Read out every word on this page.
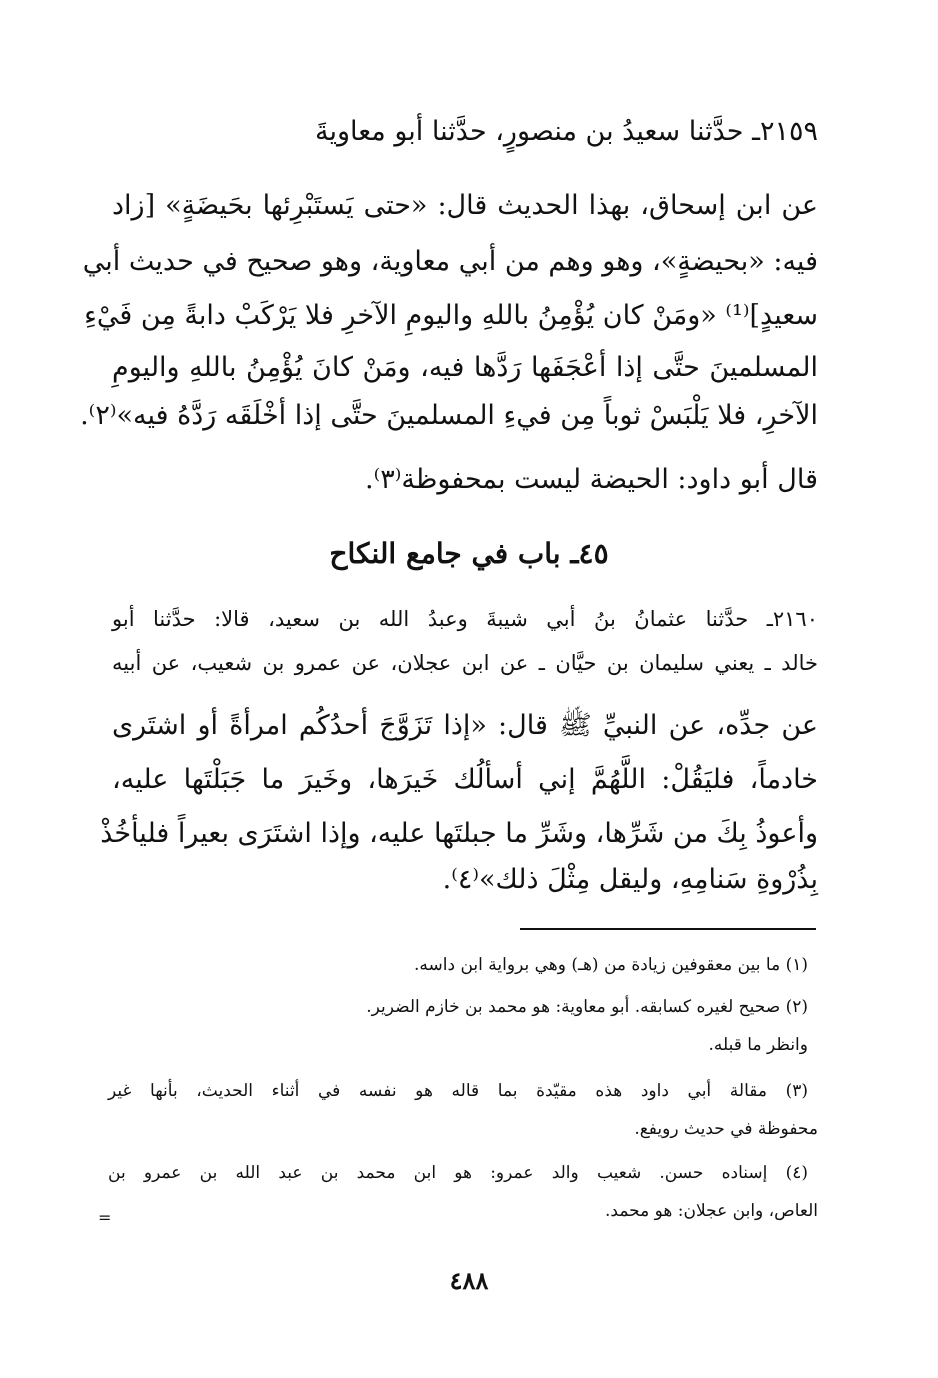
٢١٥٩ـ حدَّثنا سعيدُ بن منصورٍ، حدَّثنا أبو معاويةَ
عن ابن إسحاق، بهذا الحديث قال: «حتى يَستَبْرِئها بحَيضَةٍ» [زاد
فيه: «بحيضةٍ»، وهو وهم من أبي معاوية، وهو صحيح في حديث أبي
سعيدٍ]⁽¹⁾ «ومَنْ كان يُؤْمِنُ باللهِ واليومِ الآخرِ فلا يَرْكَبْ دابةً مِن فَيْءِ
المسلمينَ حتَّى إذا أعْجَفَها رَدَّها فيه، ومَنْ كانَ يُؤْمِنُ باللهِ واليومِ
الآخرِ، فلا يَلْبَسْ ثوباً مِن فيءِ المسلمينَ حتَّى إذا أخْلَقَه رَدَّهُ فيه»⁽٢⁾.
قال أبو داود: الحيضة ليست بمحفوظة⁽٣⁾.
٤٥ـ باب في جامع النكاح
٢١٦٠ـ حدَّثنا عثمانُ بنُ أبي شيبةَ وعبدُ الله بن سعيد، قالا: حدَّثنا أبو
خالد ـ يعني سليمان بن حيَّان ـ عن ابن عجلان، عن عمرو بن شعيب، عن أبيه
عن جدِّه، عن النبيِّ ﷺ قال: «إذا تَزَوَّجَ أحدُكُم امرأةً أو اشتَرى
خادماً، فليَقُلْ: اللَّهُمَّ إني أسألُك خَيرَها، وخَيرَ ما جَبَلْتَها عليه،
وأعوذُ بِكَ من شَرِّها، وشَرِّ ما جبلتَها عليه، وإذا اشتَرَى بعيراً فليأخُذْ
بِذُرْوةِ سَنامِهِ، وليقل مِثْلَ ذلك»⁽٤⁾.
(١) ما بين معقوفين زيادة من (هـ) وهي برواية ابن داسه.
(٢) صحيح لغيره كسابقه. أبو معاوية: هو محمد بن خازم الضرير.
وانظر ما قبله.
(٣) مقالة أبي داود هذه مقيّدة بما قاله هو نفسه في أثناء الحديث، بأنها غير
محفوظة في حديث رويفع.
(٤) إسناده حسن. شعيب والد عمرو: هو ابن محمد بن عبد الله بن عمرو بن
العاص، وابن عجلان: هو محمد.
=
٤٨٨
